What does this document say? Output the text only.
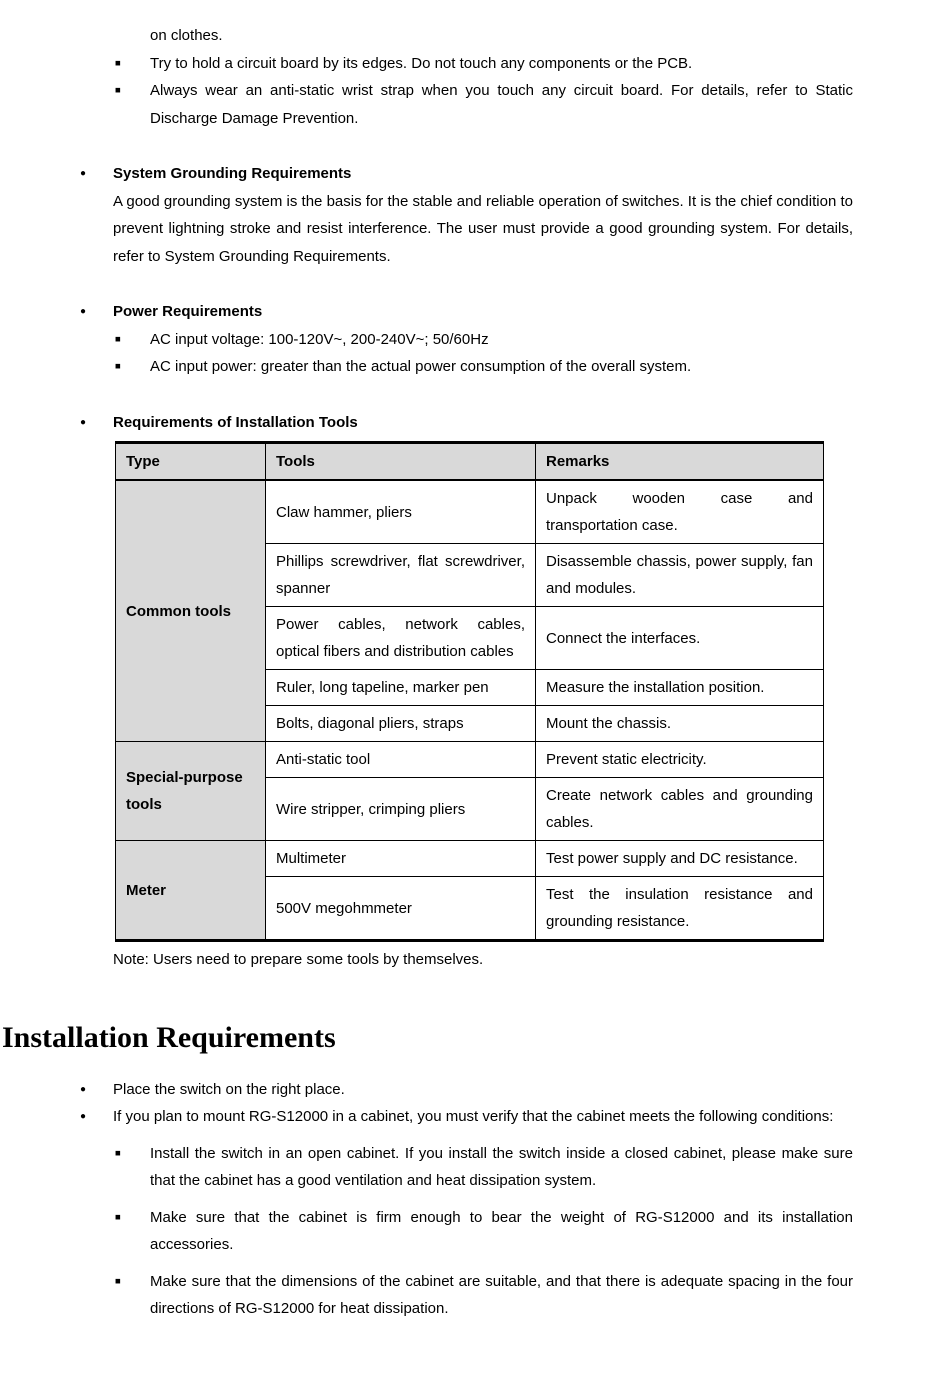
on clothes.
■	Try to hold a circuit board by its edges. Do not touch any components or the PCB.
■	Always wear an anti-static wrist strap when you touch any circuit board. For details, refer to Static Discharge Damage Prevention.
●	System Grounding Requirements
A good grounding system is the basis for the stable and reliable operation of switches. It is the chief condition to prevent lightning stroke and resist interference. The user must provide a good grounding system. For details, refer to System Grounding Requirements.
●	Power Requirements
■	AC input voltage: 100-120V~, 200-240V~; 50/60Hz
■	AC input power: greater than the actual power consumption of the overall system.
●	Requirements of Installation Tools
Type	Tools	Remarks
Common tools	Claw hammer, pliers	Unpack wooden case and transportation case.
	Phillips screwdriver, flat screwdriver, spanner	Disassemble chassis, power supply, fan and modules.
	Power cables, network cables, optical fibers and distribution cables	Connect the interfaces.
	Ruler, long tapeline, marker pen	Measure the installation position.
	Bolts, diagonal pliers, straps	Mount the chassis.
Special-purpose tools	Anti-static tool	Prevent static electricity.
	Wire stripper, crimping pliers	Create network cables and grounding cables.
Meter	Multimeter	Test power supply and DC resistance.
	500V megohmmeter	Test the insulation resistance and grounding resistance.
Note: Users need to prepare some tools by themselves.
Installation Requirements
●	Place the switch on the right place.
●	If you plan to mount RG-S12000 in a cabinet, you must verify that the cabinet meets the following conditions:
■	Install the switch in an open cabinet. If you install the switch inside a closed cabinet, please make sure that the cabinet has a good ventilation and heat dissipation system.
■	Make sure that the cabinet is firm enough to bear the weight of RG-S12000 and its installation accessories.
■	Make sure that the dimensions of the cabinet are suitable, and that there is adequate spacing in the four directions of RG-S12000 for heat dissipation.
